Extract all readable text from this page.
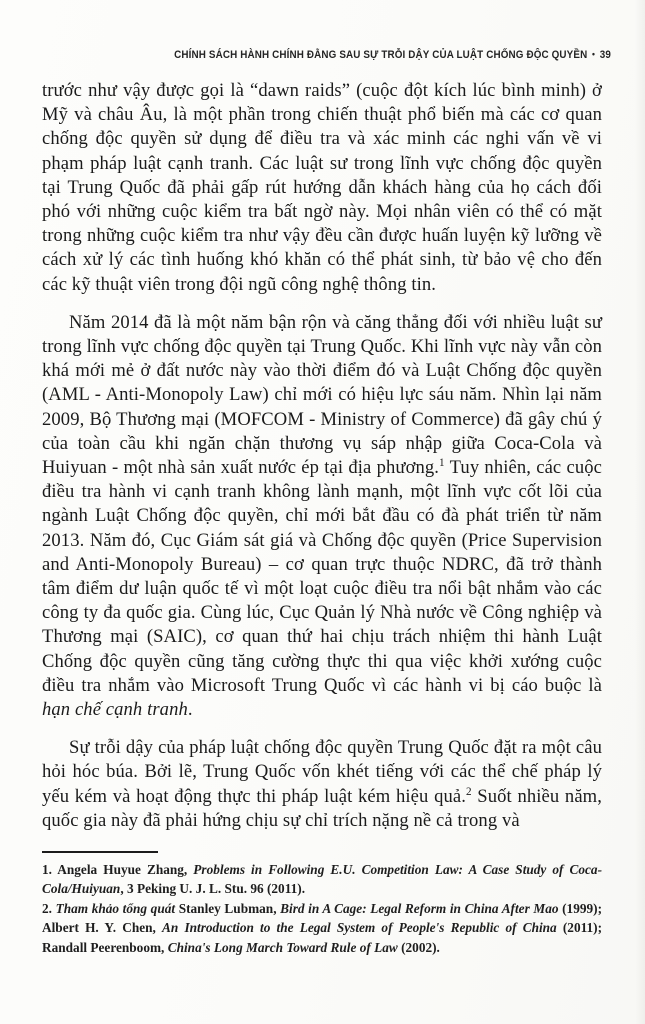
CHÍNH SÁCH HÀNH CHÍNH ĐẰNG SAU SỰ TRỖI DẬY CỦA LUẬT CHỐNG ĐỘC QUYỀN • 39

trước như vậy được gọi là “dawn raids” (cuộc đột kích lúc bình minh) ở Mỹ và châu Âu, là một phần trong chiến thuật phổ biến mà các cơ quan chống độc quyền sử dụng để điều tra và xác minh các nghi vấn về vi phạm pháp luật cạnh tranh. Các luật sư trong lĩnh vực chống độc quyền tại Trung Quốc đã phải gấp rút hướng dẫn khách hàng của họ cách đối phó với những cuộc kiểm tra bất ngờ này. Mọi nhân viên có thể có mặt trong những cuộc kiểm tra như vậy đều cần được huấn luyện kỹ lưỡng về cách xử lý các tình huống khó khăn có thể phát sinh, từ bảo vệ cho đến các kỹ thuật viên trong đội ngũ công nghệ thông tin.

Năm 2014 đã là một năm bận rộn và căng thẳng đối với nhiều luật sư trong lĩnh vực chống độc quyền tại Trung Quốc. Khi lĩnh vực này vẫn còn khá mới mẻ ở đất nước này vào thời điểm đó và Luật Chống độc quyền (AML - Anti-Monopoly Law) chỉ mới có hiệu lực sáu năm. Nhìn lại năm 2009, Bộ Thương mại (MOFCOM - Ministry of Commerce) đã gây chú ý của toàn cầu khi ngăn chặn thương vụ sáp nhập giữa Coca-Cola và Huiyuan - một nhà sản xuất nước ép tại địa phương.$^1$ Tuy nhiên, các cuộc điều tra hành vi cạnh tranh không lành mạnh, một lĩnh vực cốt lõi của ngành Luật Chống độc quyền, chỉ mới bắt đầu có đà phát triển từ năm 2013. Năm đó, Cục Giám sát giá và Chống độc quyền (Price Supervision and Anti-Monopoly Bureau) – cơ quan trực thuộc NDRC, đã trở thành tâm điểm dư luận quốc tế vì một loạt cuộc điều tra nổi bật nhắm vào các công ty đa quốc gia. Cùng lúc, Cục Quản lý Nhà nước về Công nghiệp và Thương mại (SAIC), cơ quan thứ hai chịu trách nhiệm thi hành Luật Chống độc quyền cũng tăng cường thực thi qua việc khởi xướng cuộc điều tra nhắm vào Microsoft Trung Quốc vì các hành vi bị cáo buộc là hạn chế cạnh tranh.

Sự trỗi dậy của pháp luật chống độc quyền Trung Quốc đặt ra một câu hỏi hóc búa. Bởi lẽ, Trung Quốc vốn khét tiếng với các thể chế pháp lý yếu kém và hoạt động thực thi pháp luật kém hiệu quả.$^2$ Suốt nhiều năm, quốc gia này đã phải hứng chịu sự chỉ trích nặng nề cả trong và

1. Angela Huyue Zhang, Problems in Following E.U. Competition Law: A Case Study of Coca-Cola/Huiyuan, 3 Peking U. J. L. Stu. 96 (2011).

2. Tham khảo tổng quát Stanley Lubman, Bird in A Cage: Legal Reform in China After Mao (1999); Albert H. Y. Chen, An Introduction to the Legal System of People's Republic of China (2011); Randall Peerenboom, China's Long March Toward Rule of Law (2002).
